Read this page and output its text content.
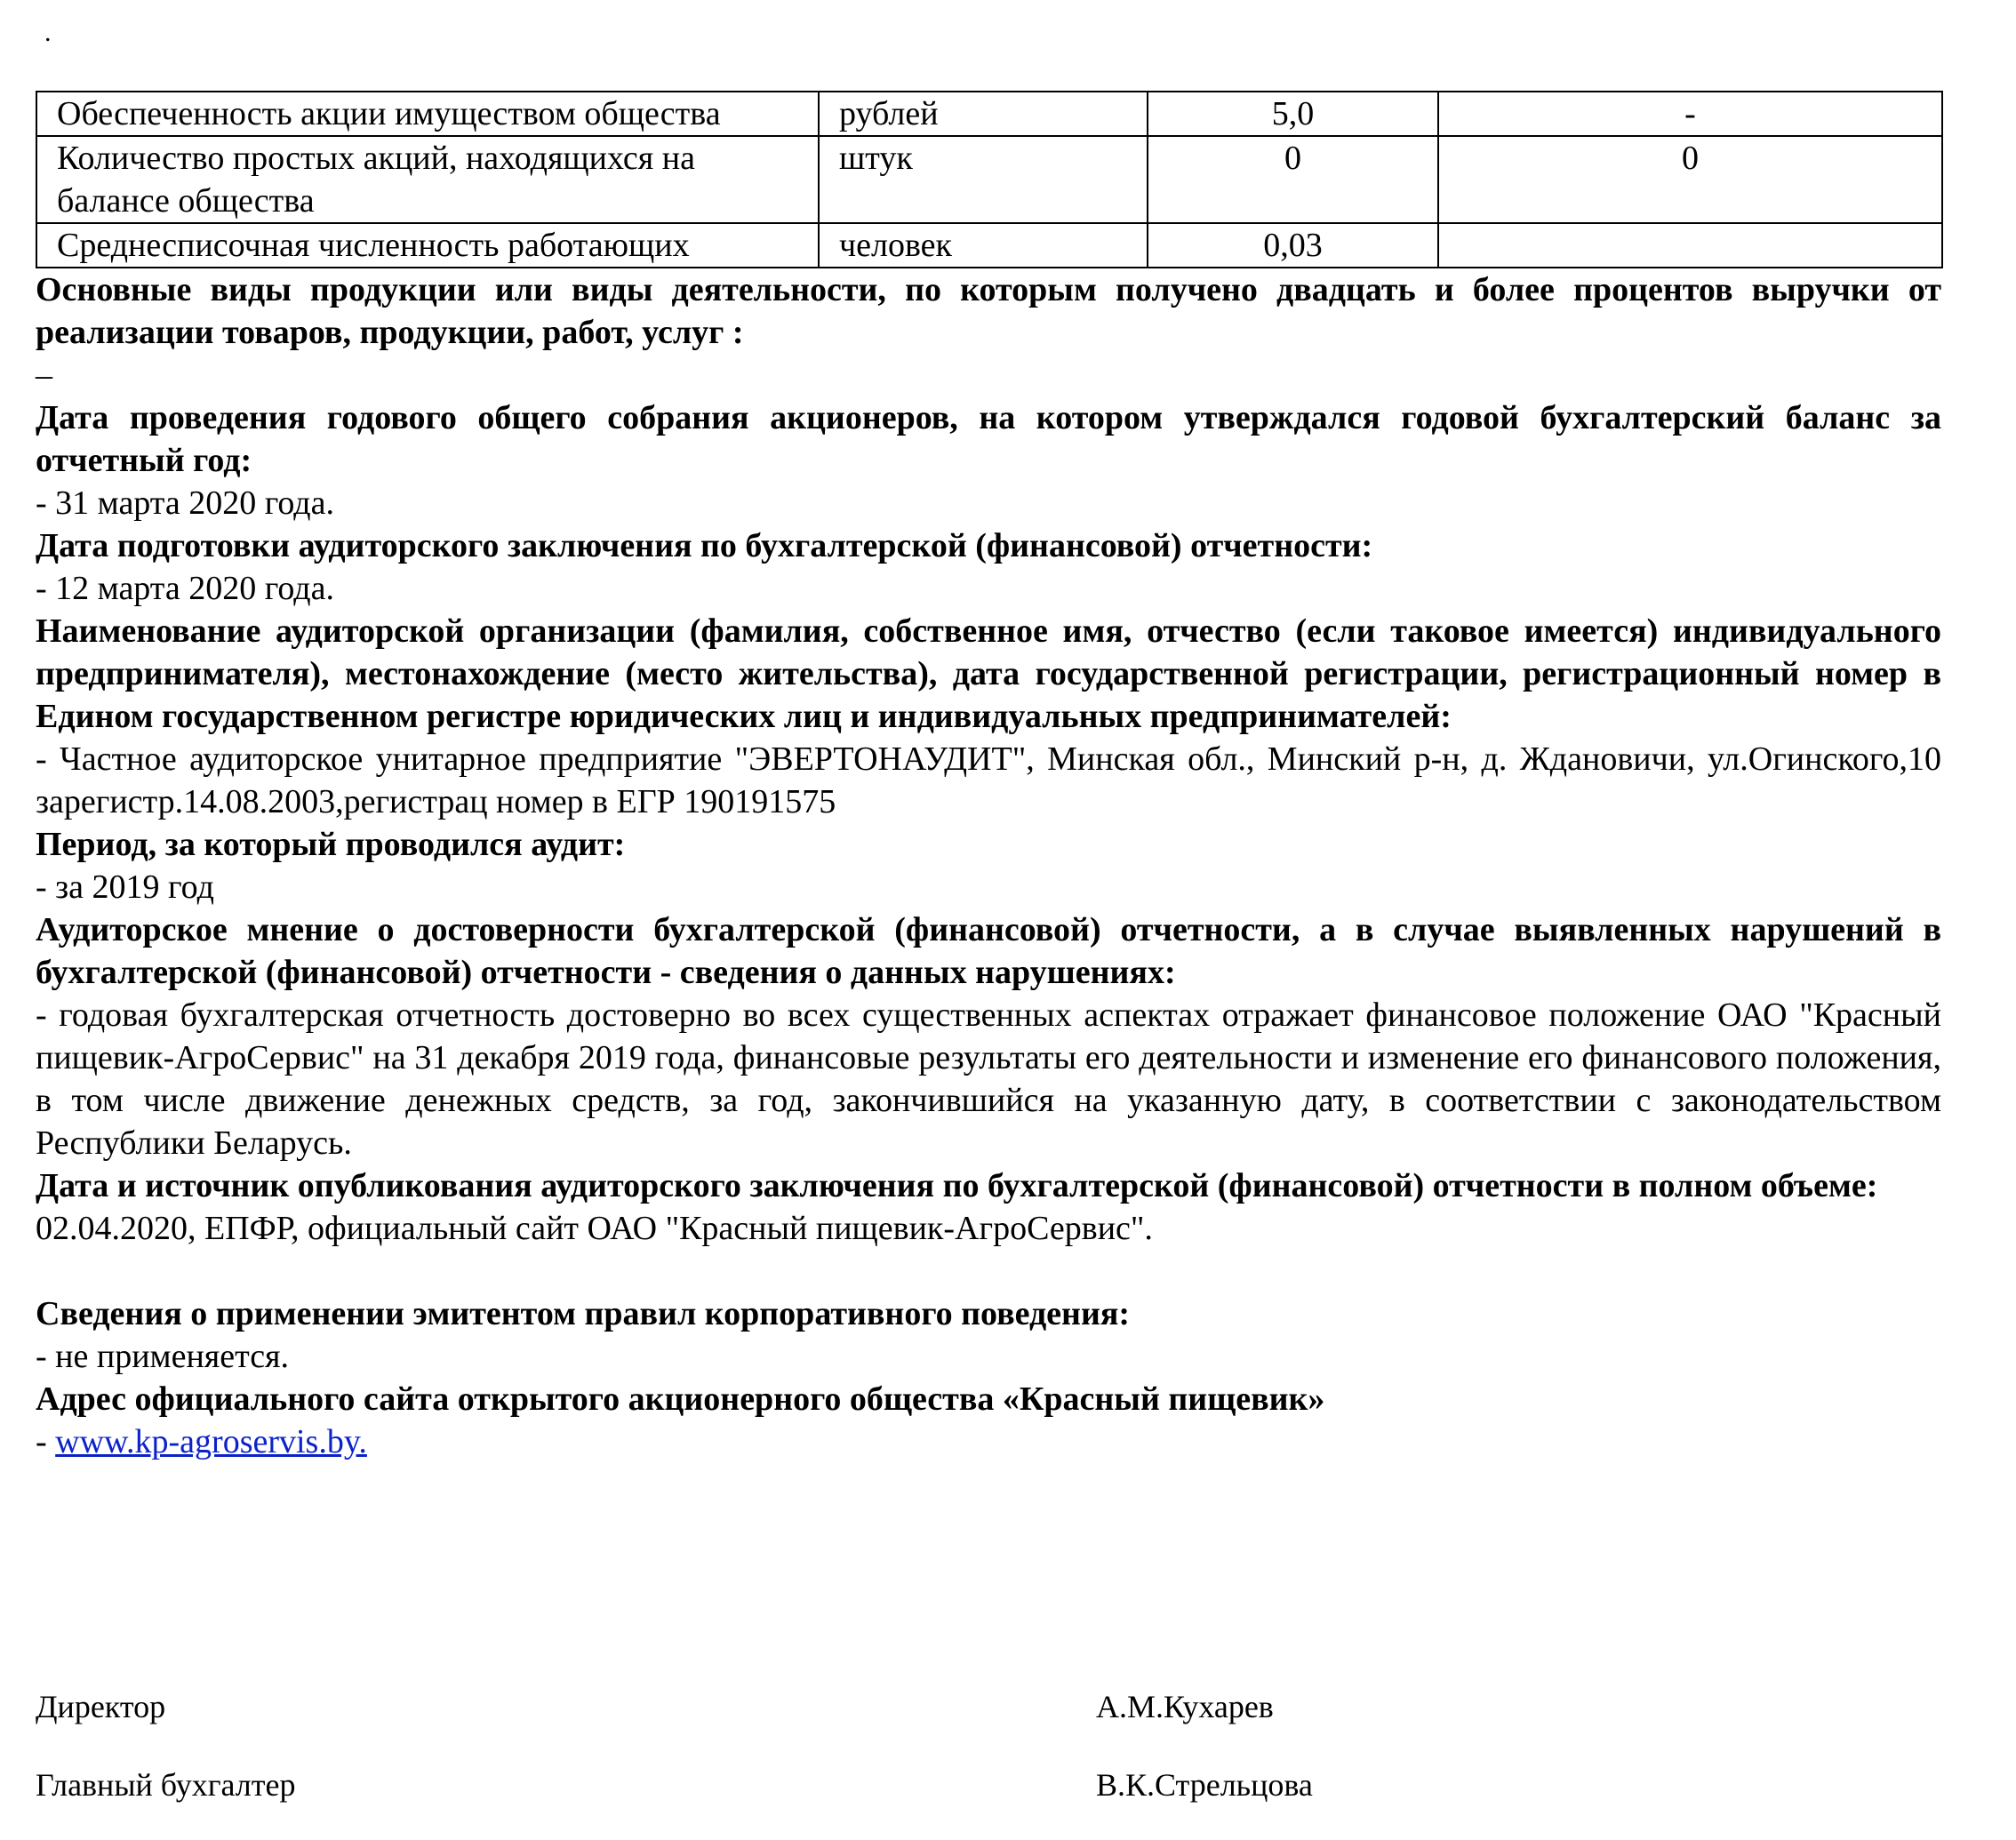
.
Обеспеченность акции имуществом общества	рублей	5,0	-
Количество простых акций, находящихся на балансе общества	штук	0	0
Среднесписочная численность работающих	человек	0,03	

Основные виды продукции или виды деятельности, по которым получено двадцать и более процентов выручки от реализации товаров, продукции, работ, услуг :

–

Дата проведения годового общего собрания акционеров, на котором утверждался годовой бухгалтерский баланс за отчетный год:

- 31 марта 2020 года.

Дата подготовки аудиторского заключения по бухгалтерской (финансовой) отчетности:

- 12 марта 2020 года.

Наименование аудиторской организации (фамилия, собственное имя, отчество (если таковое имеется) индивидуального предпринимателя), местонахождение (место жительства), дата государственной регистрации, регистрационный номер в Едином государственном регистре юридических лиц и индивидуальных предпринимателей:

- Частное аудиторское унитарное предприятие "ЭВЕРТОНАУДИТ", Минская обл., Минский р-н, д. Ждановичи, ул.Огинского,10 зарегистр.14.08.2003,регистрац номер в ЕГР 190191575

Период, за который проводился аудит:

- за 2019 год

Аудиторское мнение о достоверности бухгалтерской (финансовой) отчетности, а в случае выявленных нарушений в бухгалтерской (финансовой) отчетности - сведения о данных нарушениях:

- годовая бухгалтерская отчетность достоверно во всех существенных аспектах отражает финансовое положение ОАО "Красный пищевик-АгроСервис" на 31 декабря 2019 года, финансовые результаты его деятельности и изменение его финансового положения, в том числе движение денежных средств, за год, закончившийся на указанную дату, в соответствии с законодательством Республики Беларусь.

Дата и источник опубликования аудиторского заключения по бухгалтерской (финансовой) отчетности в полном объеме:

02.04.2020, ЕПФР, официальный сайт ОАО "Красный пищевик-АгроСервис".

Сведения о применении эмитентом правил корпоративного поведения:

- не применяется.

Адрес официального сайта открытого акционерного общества «Красный пищевик»

- www.kp-agroservis.by.

Директор	А.М.Кухарев
Главный бухгалтер	В.К.Стрельцова
